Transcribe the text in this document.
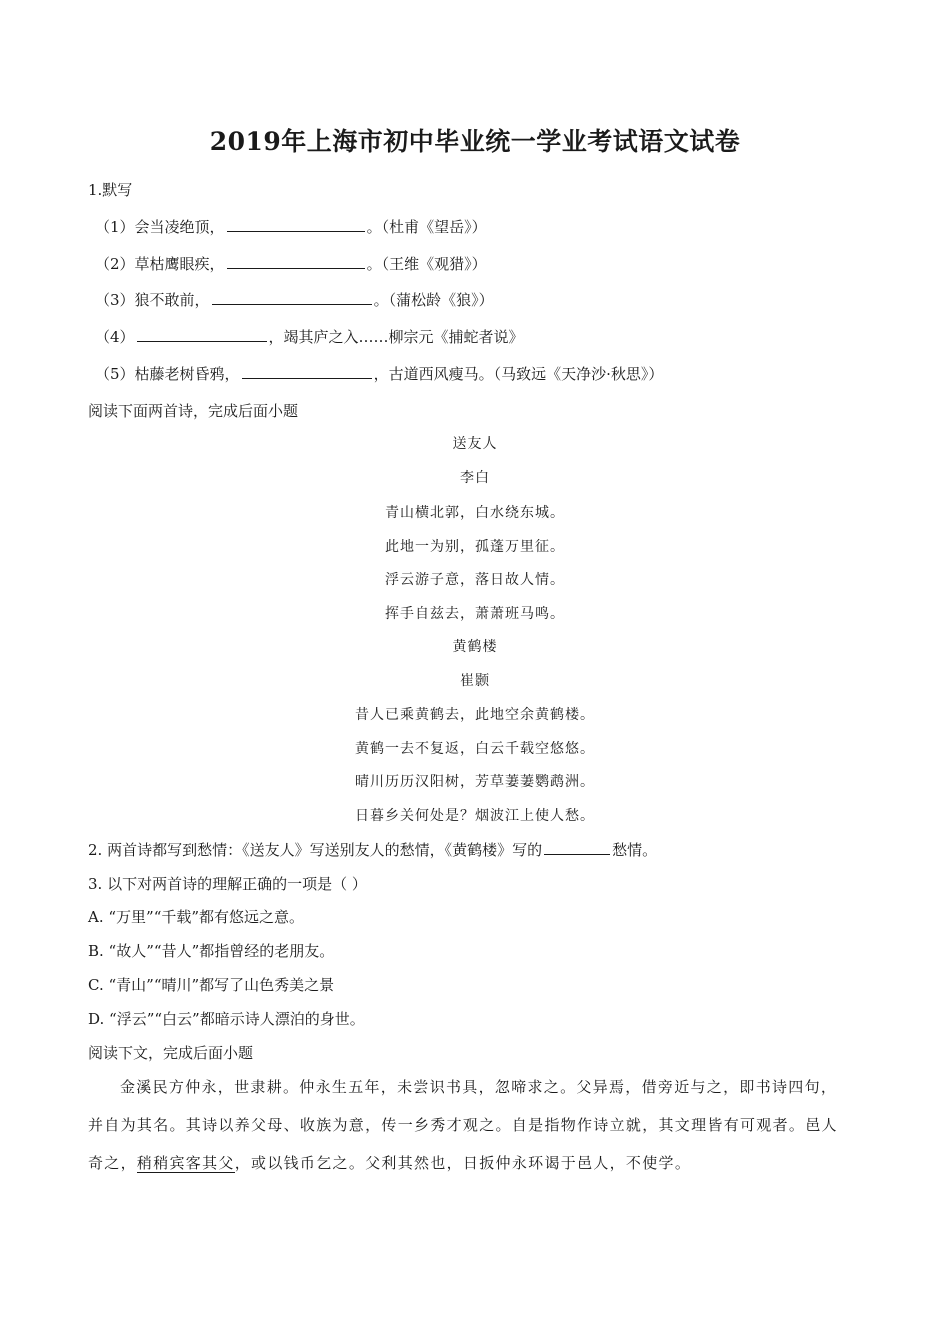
2019年上海市初中毕业统一学业考试语文试卷
1.默写
（1）会当凌绝顶，	。（杜甫《望岳》）
（2）草枯鹰眼疾，	。（王维《观猎》）
（3）狼不敢前，	。（蒲松龄《狼》）
（4）	，竭其庐之入……柳宗元《捕蛇者说》
（5）枯藤老树昏鸦，	，古道西风瘦马。（马致远《天净沙·秋思》）
阅读下面两首诗，完成后面小题
送友人
李白
青山横北郭，白水绕东城。
此地一为别，孤蓬万里征。
浮云游子意，落日故人情。
挥手自兹去，萧萧班马鸣。
黄鹤楼
崔颢
昔人已乘黄鹤去，此地空余黄鹤楼。
黄鹤一去不复返，白云千载空悠悠。
晴川历历汉阳树，芳草萋萋鹦鹉洲。
日暮乡关何处是？烟波江上使人愁。
2. 两首诗都写到愁情：《送友人》写送别友人的愁情，《黄鹤楼》写的	愁情。
3. 以下对两首诗的理解正确的一项是（ ）
A. “万里”“千载”都有悠远之意。
B. “故人”“昔人”都指曾经的老朋友。
C. “青山”“晴川”都写了山色秀美之景
D. “浮云”“白云”都暗示诗人漂泊的身世。
阅读下文，完成后面小题
金溪民方仲永，世隶耕。仲永生五年，未尝识书具，忽啼求之。父异焉，借旁近与之，即书诗四句，
并自为其名。其诗以养父母、收族为意，传一乡秀才观之。自是指物作诗立就，其文理皆有可观者。邑人
奇之，稍稍宾客其父，或以钱币乞之。父利其然也，日扳仲永环谒于邑人，不使学。
